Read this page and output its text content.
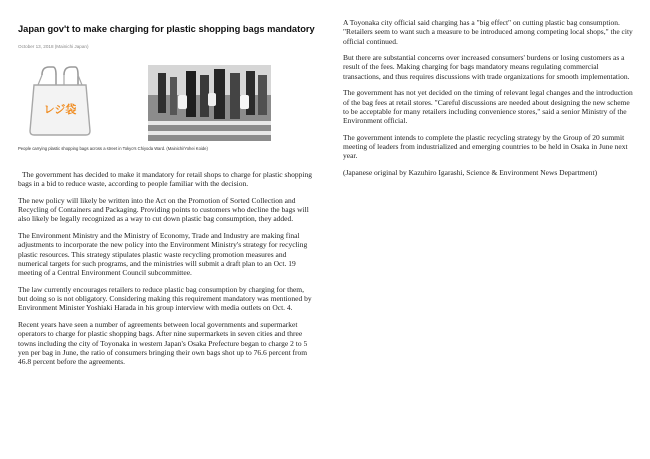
Japan gov't to make charging for plastic shopping bags mandatory
October 13, 2018 (Mainichi Japan)
レジ袋
People carrying plastic shopping bags across a street in Tokyo's Chiyoda Ward. (Mainichi/Yohei Koide)

The government has decided to make it mandatory for retail shops to charge for plastic shopping bags in a bid to reduce waste, according to people familiar with the decision.

The new policy will likely be written into the Act on the Promotion of Sorted Collection and Recycling of Containers and Packaging. Providing points to customers who decline the bags will also likely be legally recognized as a way to cut down plastic bag consumption, they added.

The Environment Ministry and the Ministry of Economy, Trade and Industry are making final adjustments to incorporate the new policy into the Environment Ministry's strategy for recycling plastic resources. This strategy stipulates plastic waste recycling promotion measures and numerical targets for such programs, and the ministries will submit a draft plan to an Oct. 19 meeting of a Central Environment Council subcommittee.

The law currently encourages retailers to reduce plastic bag consumption by charging for them, but doing so is not obligatory. Considering making this requirement mandatory was mentioned by Environment Minister Yoshiaki Harada in his group interview with media outlets on Oct. 4.

Recent years have seen a number of agreements between local governments and supermarket operators to charge for plastic shopping bags. After nine supermarkets in seven cities and three towns including the city of Toyonaka in western Japan's Osaka Prefecture began to charge 2 to 5 yen per bag in June, the ratio of consumers bringing their own bags shot up to 76.6 percent from 46.8 percent before the agreements.

A Toyonaka city official said charging has a "big effect" on cutting plastic bag consumption. "Retailers seem to want such a measure to be introduced among competing local shops," the city official continued.

But there are substantial concerns over increased consumers' burdens or losing customers as a result of the fees. Making charging for bags mandatory means regulating commercial transactions, and thus requires discussions with trade organizations for smooth implementation.

The government has not yet decided on the timing of relevant legal changes and the introduction of the bag fees at retail stores. "Careful discussions are needed about designing the new scheme to be acceptable for many retailers including convenience stores," said a senior Ministry of the Environment official.

The government intends to complete the plastic recycling strategy by the Group of 20 summit meeting of leaders from industrialized and emerging countries to be held in Osaka in June next year.

(Japanese original by Kazuhiro Igarashi, Science & Environment News Department)
